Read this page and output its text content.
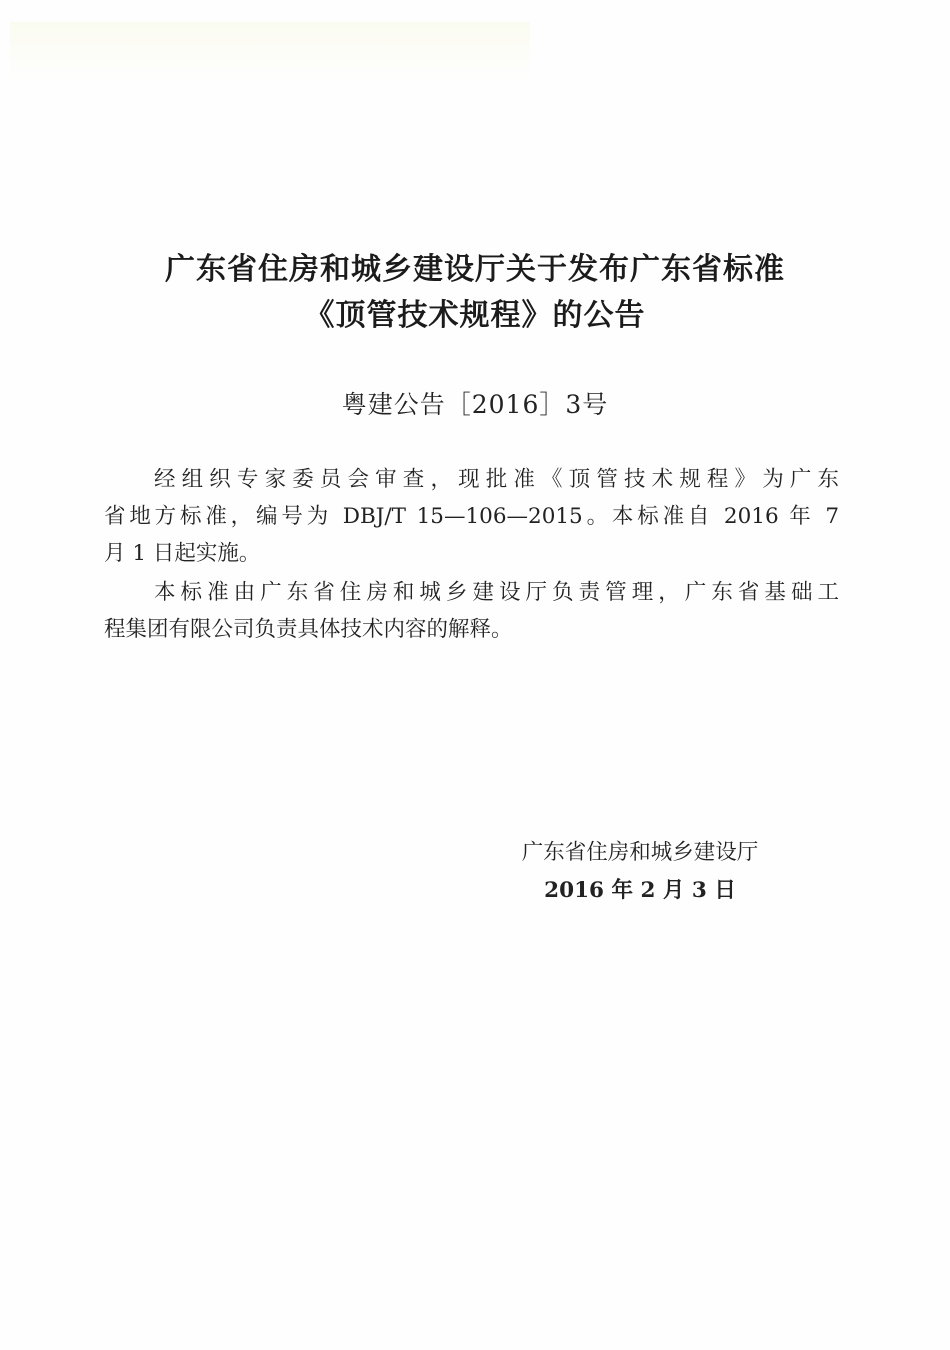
广东省住房和城乡建设厅关于发布广东省标准
《顶管技术规程》的公告
粤建公告［2016］3号
经组织专家委员会审查，现批准《顶管技术规程》为广东
省地方标准，编号为 DBJ/T 15—106—2015。本标准自 2016 年 7
月 1 日起实施。
本标准由广东省住房和城乡建设厅负责管理，广东省基础工
程集团有限公司负责具体技术内容的解释。
广东省住房和城乡建设厅
2016 年 2 月 3 日
